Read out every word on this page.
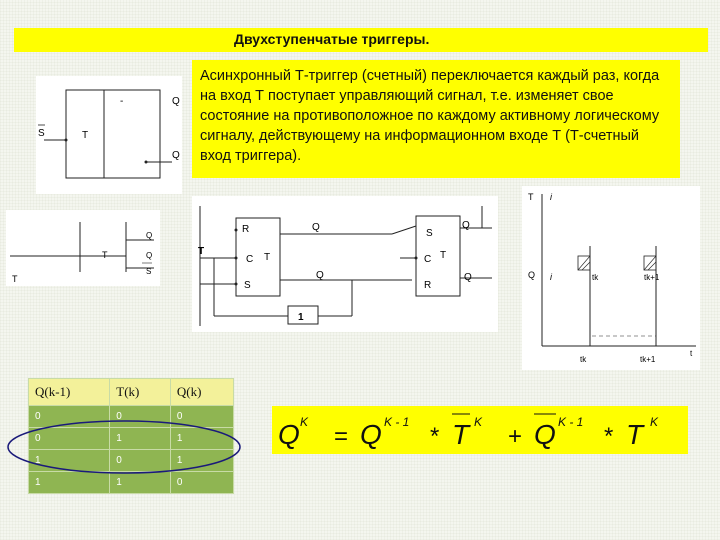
Двухступенчатые триггеры.
Асинхронный Т-триггер (счетный) переключается каждый раз, когда на вход Т поступает управляющий сигнал, т.е. изменяет свое состояние на противоположное по каждому активному логическому сигналу, действующему на информационном входе Т (Т-счетный вход триггера).
S	T
-	Q
Q
T
T
Q
Q
S
T
R
C
S
T
Q
Q
S
C
R
T
Q
Q
1
T i
Q i	tk	tk+1
tk	tk+1
t
Q(k-1)	T(k)	Q(k)
0	0	0
0	1	1
1	0	1
1	1	0
Q K
= Q K - 1
* T K
+ Q K - 1
* T K
